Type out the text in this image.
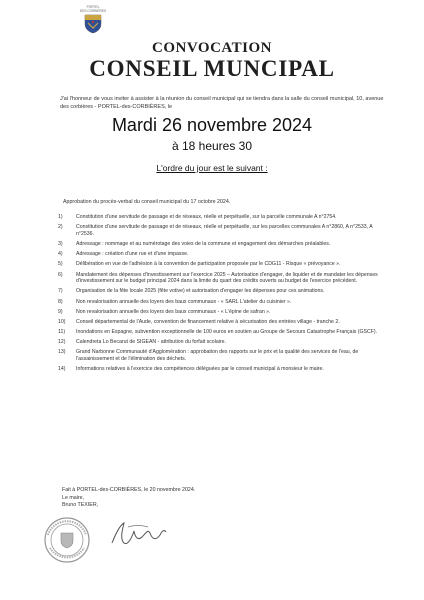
PORTEL
DES CORBIÈRES
CONVOCATION
CONSEIL MUNCIPAL
J'ai l'honneur de vous inviter à assister à la réunion du conseil municipal qui se tiendra dans la salle du conseil municipal, 10, avenue des corbières - PORTEL-des-CORBIÈRES, le
Mardi 26 novembre 2024
à 18 heures 30
L'ordre du jour est le suivant :
Approbation du procès-verbal du conseil municipal du 17 octobre 2024.
1)	Constitution d'une servitude de passage et de réseaux, réelle et perpétuelle, sur la parcelle communale A n°2754.
2)	Constitution d'une servitude de passage et de réseaux, réelle et perpétuelle, sur les parcelles communales A n°2860, A n°2533, A n°2536.
3)	Adressage : nommage et au numérotage des voies de la commune et engagement des démarches préalables.
4)	Adressage : création d'une rue et d'une impasse.
5)	Délibération en vue de l'adhésion à la convention de participation proposée par le CDG11 - Risque « prévoyance ».
6)	Mandatement des dépenses d'investissement sur l'exercice 2025 – Autorisation d'engager, de liquider et de mandater les dépenses d'investissement sur le budget principal 2024 dans la limite du quart des crédits ouverts au budget de l'exercice précédent.
7)	Organisation de la fête locale 2025 (fête votive) et autorisation d'engager les dépenses pour ces animations.
8)	Non revalorisation annuelle des loyers des baux communaux - « SARL L'atelier du cuisinier ».
9)	Non revalorisation annuelle des loyers des baux communaux - « L'épine de safran ».
10)	Conseil départemental de l'Aude, convention de financement relative à sécurisation des entrées village - tranche 2.
11)	Inondations en Espagne, subvention exceptionnelle de 100 euros en soutien au Groupe de Secours Catastrophe Français (GSCF).
12)	Calendreta Lo Becarut de SIGEAN - attribution du forfait scolaire.
13)	Grand Narbonne Communauté d'Agglomération : approbation des rapports sur le prix et la qualité des services de l'eau, de l'assainissement et de l'élimination des déchets.
14)	Informations relatives à l'exercice des compétences déléguées par le conseil municipal à monsieur le maire.
Fait à PORTEL-des-CORBIÈRES, le 20 novembre 2024.
Le maire,
Bruno TEXIER,
